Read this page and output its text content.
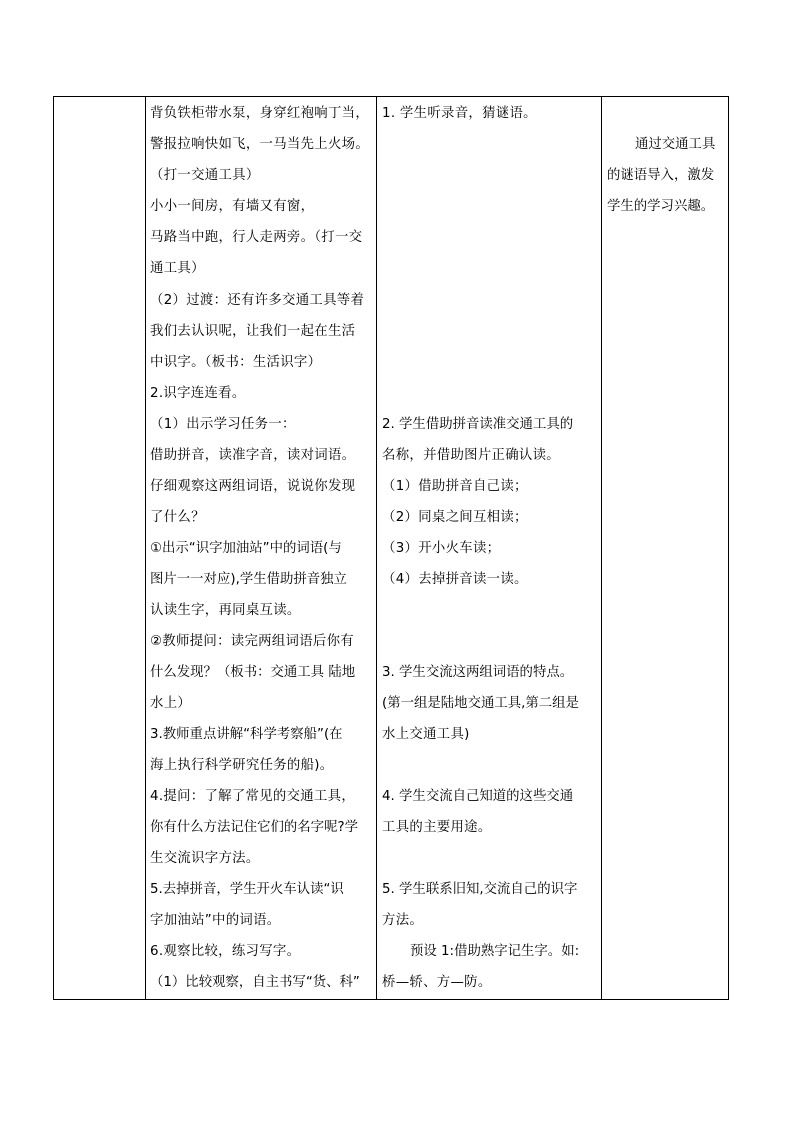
背负铁柜带水泵，身穿红袍响丁当，
警报拉响快如飞，一马当先上火场。
（打一交通工具）
小小一间房，有墙又有窗，
马路当中跑，行人走两旁。（打一交
通工具）
（2）过渡：还有许多交通工具等着
我们去认识呢，让我们一起在生活
中识字。（板书：生活识字）
2.识字连连看。
（1）出示学习任务一：
借助拼音，读准字音，读对词语。
仔细观察这两组词语，说说你发现
了什么？
①出示“识字加油站”中的词语(与
图片一一对应),学生借助拼音独立
认读生字，再同桌互读。
②教师提问：读完两组词语后你有
什么发现？（板书：交通工具 陆地
水上）
3.教师重点讲解“科学考察船”(在
海上执行科学研究任务的船)。
4.提问：了解了常见的交通工具，
你有什么方法记住它们的名字呢?学
生交流识字方法。
5.去掉拼音，学生开火车认读“识
字加油站”中的词语。
6.观察比较，练习写字。
（1）比较观察，自主书写“货、科”
1. 学生听录音，猜谜语。
2. 学生借助拼音读准交通工具的
名称，并借助图片正确认读。
（1）借助拼音自己读；
（2）同桌之间互相读；
（3）开小火车读；
（4）去掉拼音读一读。
3. 学生交流这两组词语的特点。
(第一组是陆地交通工具,第二组是
水上交通工具)
4. 学生交流自己知道的这些交通
工具的主要用途。
5. 学生联系旧知,交流自己的识字
方法。
预设 1:借助熟字记生字。如:
桥—轿、方—防。
通过交通工具
的谜语导入，激发
学生的学习兴趣。
